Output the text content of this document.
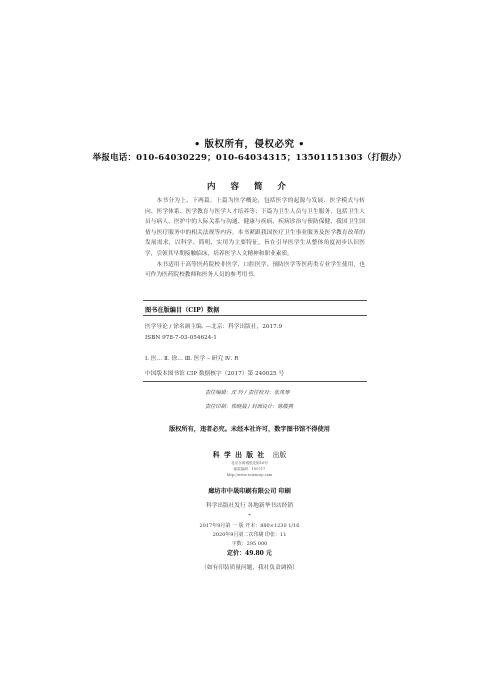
• 版权所有，侵权必究 •
举报电话：010-64030229；010-64034315；13501151303（打假办）
内 容 简 介

本书分为上、下两篇。上篇为医学概论，包括医学的起源与发展、医学模式与转向、医学体系、医学教育与医学人才培养等；下篇为卫生人员与卫生服务，包括卫生人员与病人、医护中的人际关系与沟通、健康与疾病、疾病诊治与预防保健、我国卫生国情与医疗服务中的相关法规等内容。本书紧跟我国医疗卫生事业服务及医学教育改革的发展需求，以科学、简明、实用为主要特征，旨在引导医学生从整体角度初步认识医学，引领其早期接触临床，培养医学人文精神和职业素质。

本书适用于高等医药院校非医学、口腔医学、预防医学等医药类专业学生使用，也可作为医药院校教师和医务人员的参考用书。

图书在版编目（CIP）数据
医学导论 / 徐名颉主编. —北京：科学出版社，2017.9
ISBN 978-7-03-054624-1
Ⅰ. 医… Ⅱ. 徐… Ⅲ. 医学 – 研究 Ⅳ. R
中国版本图书馆 CIP 数据核字（2017）第 240025 号
责任编辑：沈 玲 / 责任校对：张凤琴
责任印制：徐晓晨 / 封面设计：陈敬燕
版权所有，违者必究。未经本社许可，数字图书馆不得使用
科 学 出 版 社 出版
北京东黄城根北街16号
邮政编码：100717
http://www.sciencep.com
廊坊市中晟印刷有限公司 印刷
科学出版社发行 各地新华书店经销
*
2017年9月第 一 版 开本：880×1230 1/16
2020年9月第二次印刷 印张：11
字数：295 000
定价：49.80 元
（如有印装质量问题，我社负责调换）
